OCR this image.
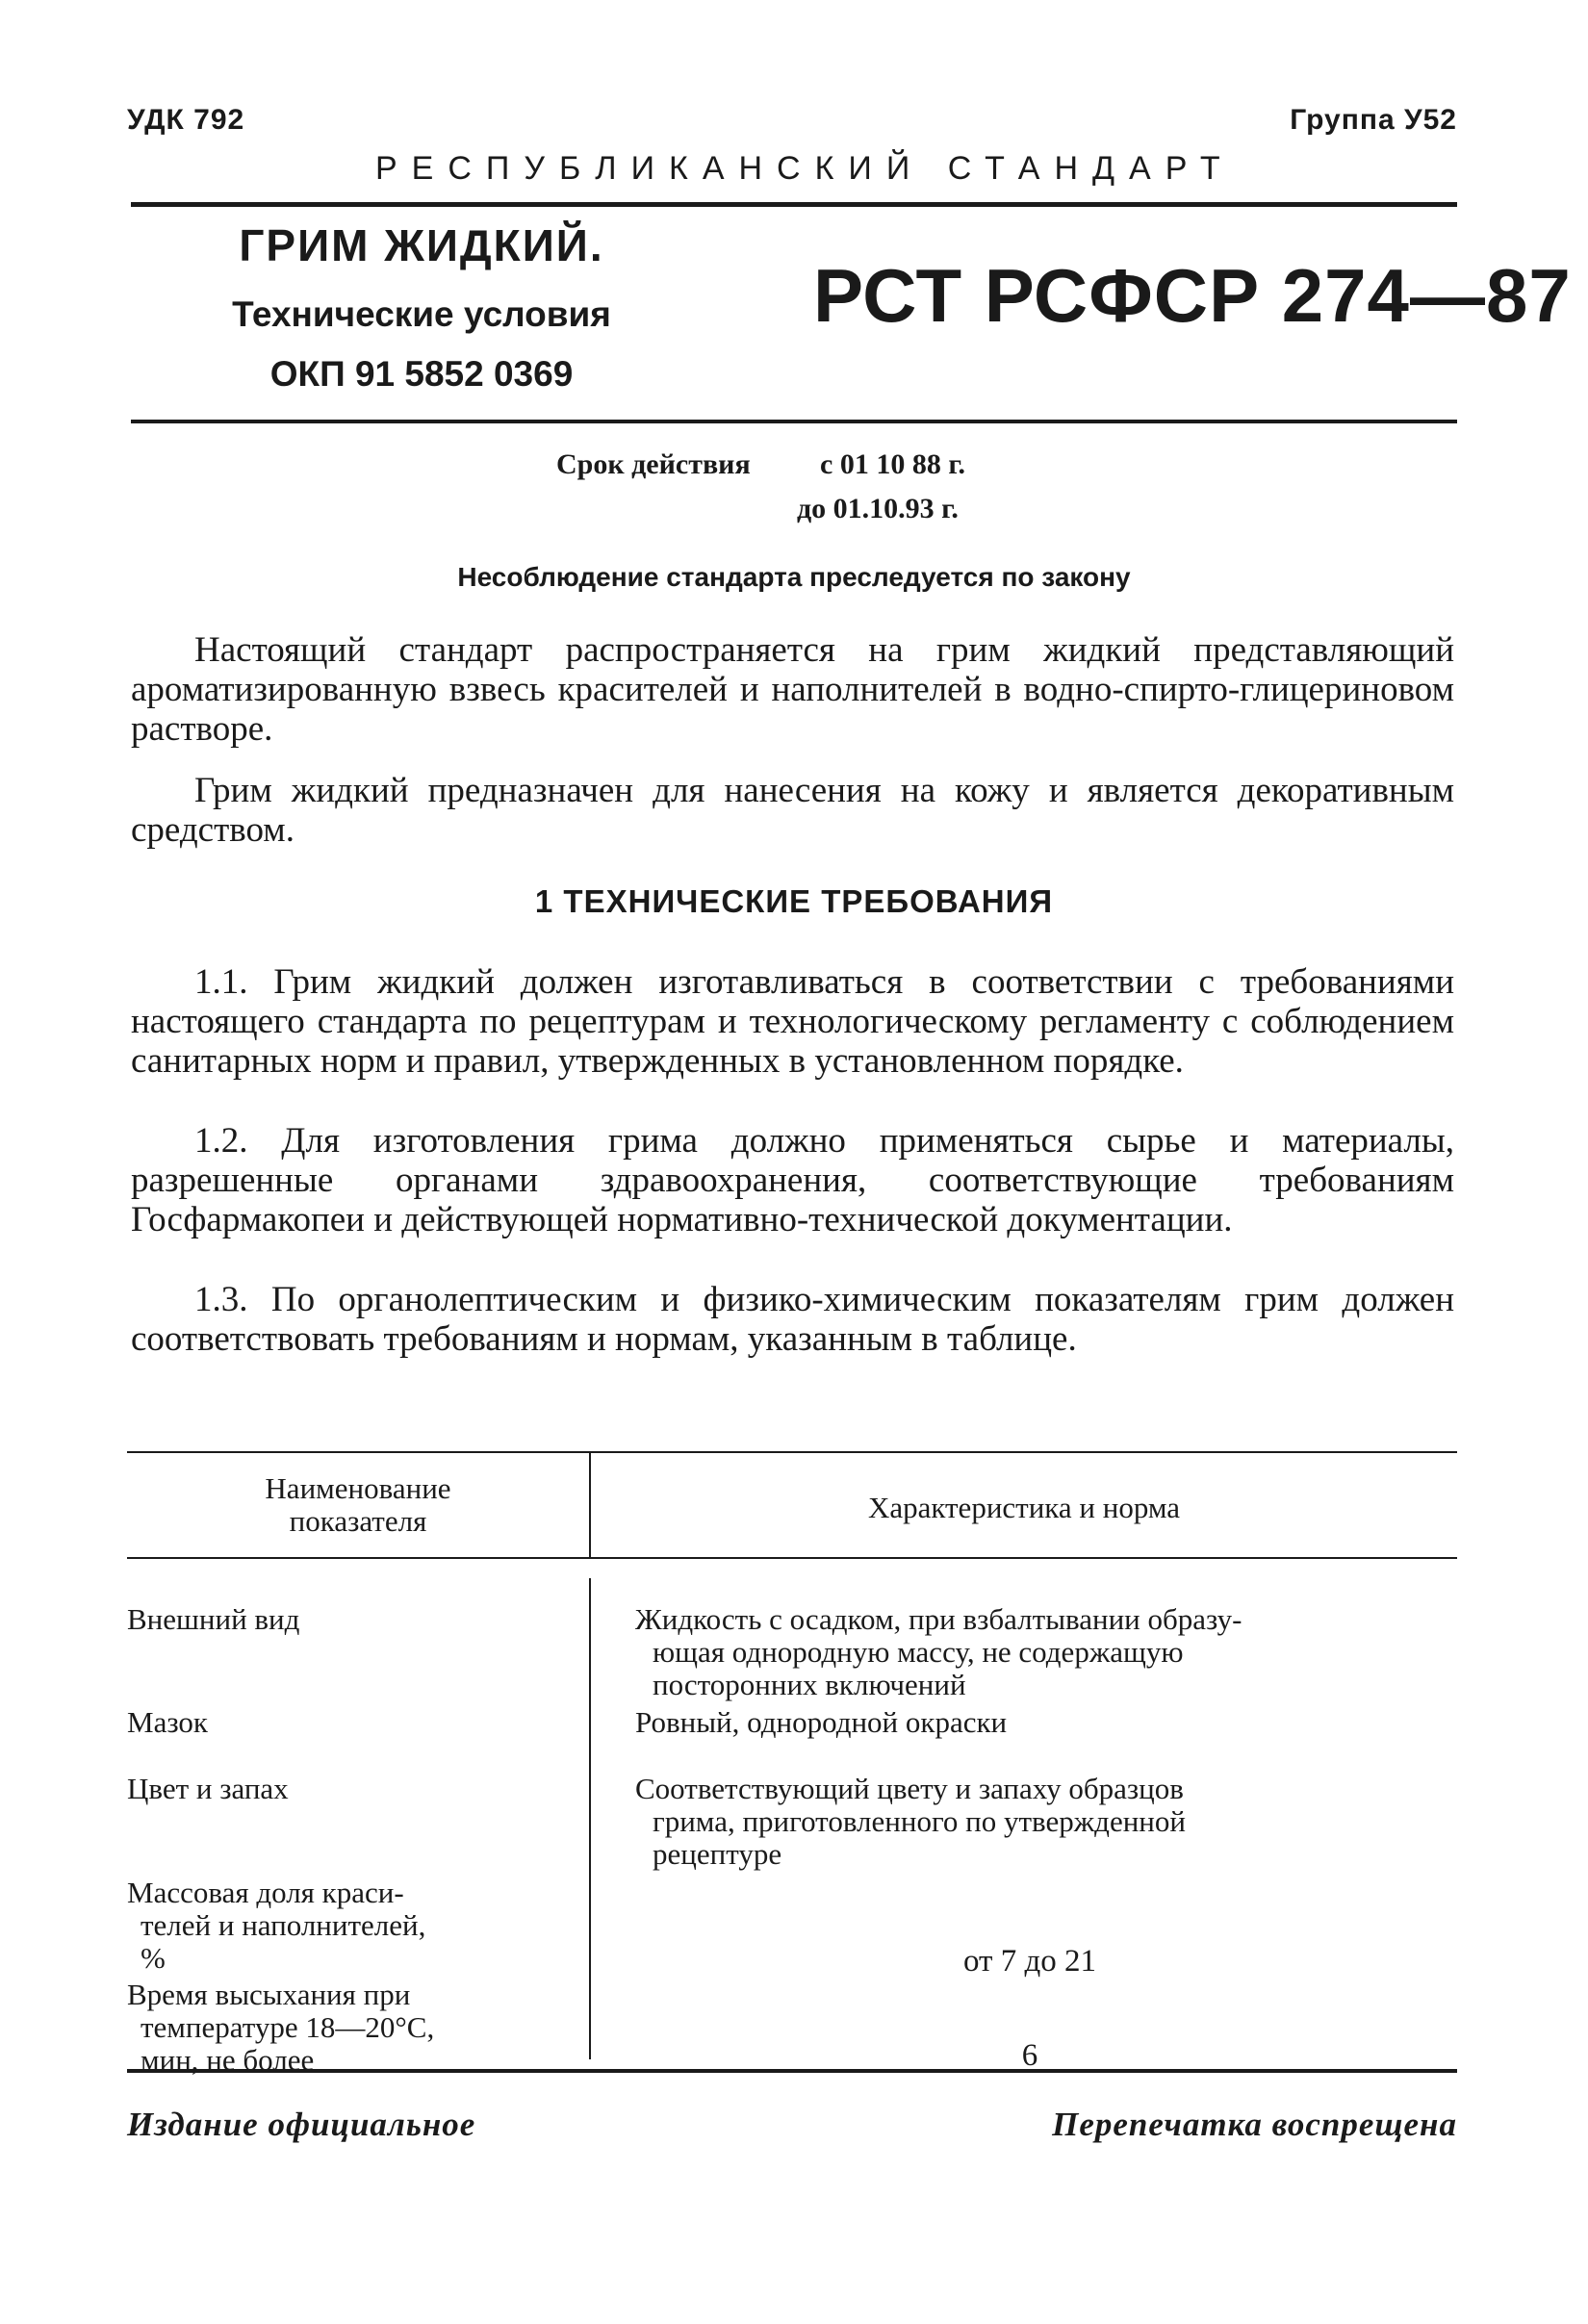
УДК 792	Группа У52
РЕСПУБЛИКАНСКИЙ СТАНДАРТ
ГРИМ ЖИДКИЙ.
Технические условия
ОКП 91 5852 0369
РСТ РСФСР 274—87
Срок действия с 01 10 88 г.
до 01.10.93 г.
Несоблюдение стандарта преследуется по закону
Настоящий стандарт распространяется на грим жидкий представляющий ароматизированную взвесь красителей и наполнителей в водно-спирто-глицериновом растворе.
Грим жидкий предназначен для нанесения на кожу и является декоративным средством.
1 ТЕХНИЧЕСКИЕ ТРЕБОВАНИЯ
1.1. Грим жидкий должен изготавливаться в соответствии с требованиями настоящего стандарта по рецептурам и технологическому регламенту с соблюдением санитарных норм и правил, утвержденных в установленном порядке.
1.2. Для изготовления грима должно применяться сырье и материалы, разрешенные органами здравоохранения, соответствующие требованиям Госфармакопеи и действующей нормативно-технической документации.
1.3. По органолептическим и физико-химическим показателям грим должен соответствовать требованиям и нормам, указанным в таблице.
Наименование
показателя	Характеристика и норма
Внешний вид	Жидкость с осадком, при взбалтывании образу-
ющая однородную массу, не содержащую
посторонних включений
Мазок	Ровный, однородной окраски
Цвет и запах	Соответствующий цвету и запаху образцов
грима, приготовленного по утвержденной
рецептуре
Массовая доля краси-
телей и наполнителей,
%	от 7 до 21
Время высыхания при
температуре 18—20°С,
мин, не более	6
Издание официальное	Перепечатка воспрещена
